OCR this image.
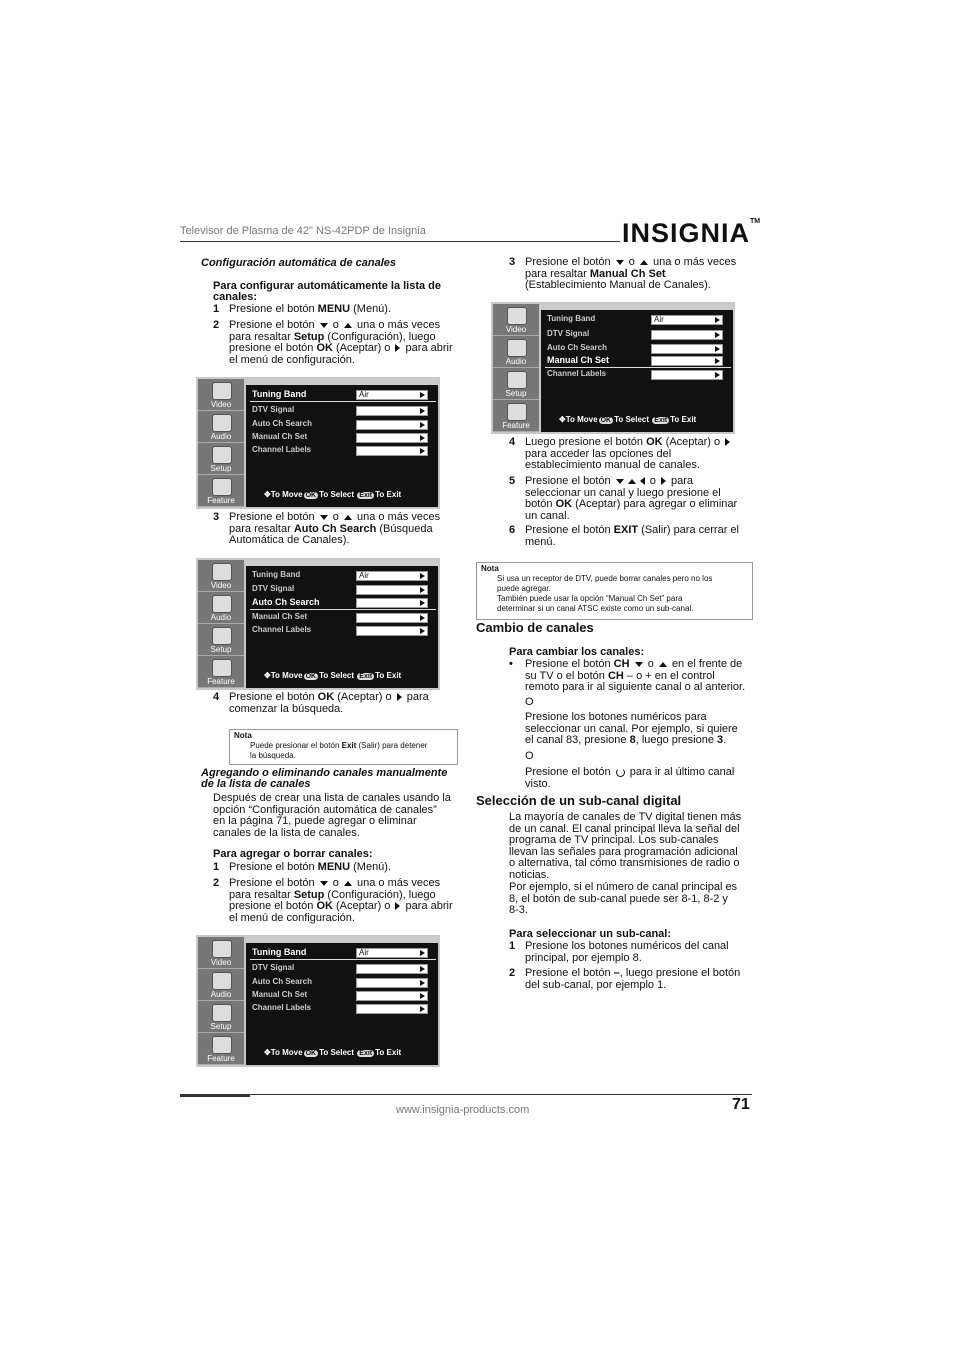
Televisor de Plasma de 42" NS-42PDP de Insignia	INSIGNIA™
Configuración automática de canales
Para configurar automáticamente la lista de canales:
1 Presione el botón MENU (Menú).
2 Presione el botón o una o más veces
para resaltar Setup (Configuración), luego
presione el botón OK (Aceptar) o para abrir
el menú de configuración.
Video
Audio
Setup
Feature
Tuning Band	Air
DTV Signal
Auto Ch Search
Manual Ch Set
Channel Labels
✥To Move OK To Select Exit To Exit
3 Presione el botón o una o más veces
para resaltar Auto Ch Search (Búsqueda
Automática de Canales).
Video
Audio
Setup
Feature
Tuning Band	Air
DTV Signal
Auto Ch Search
Manual Ch Set
Channel Labels
✥To Move OK To Select Exit To Exit
4 Presione el botón OK (Aceptar) o para
comenzar la búsqueda.
Nota
Puede presionar el botón Exit (Salir) para detener
la búsqueda.
Agregando o eliminando canales manualmente
de la lista de canales
Después de crear una lista de canales usando la
opción “Configuración automática de canales”
en la página 71, puede agregar o eliminar
canales de la lista de canales.
Para agregar o borrar canales:
1 Presione el botón MENU (Menú).
2 Presione el botón o una o más veces
para resaltar Setup (Configuración), luego
presione el botón OK (Aceptar) o para abrir
el menú de configuración.
Video
Audio
Setup
Feature
Tuning Band	Air
DTV Signal
Auto Ch Search
Manual Ch Set
Channel Labels
✥To Move OK To Select Exit To Exit
3 Presione el botón o una o más veces
para resaltar Manual Ch Set
(Establecimiento Manual de Canales).
Video
Audio
Setup
Feature
Tuning Band	Air
DTV Signal
Auto Ch Search
Manual Ch Set
Channel Labels
✥To Move OK To Select Exit To Exit
4 Luego presione el botón OK (Aceptar) o
para acceder las opciones del
establecimiento manual de canales.
5 Presione el botón	o para
seleccionar un canal y luego presione el
botón OK (Aceptar) para agregar o eliminar
un canal.
6 Presione el botón EXIT (Salir) para cerrar el
menú.
Nota
Si usa un receptor de DTV, puede borrar canales pero no los
puede agregar.
También puede usar la opción “Manual Ch Set” para
determinar si un canal ATSC existe como un sub-canal.
Cambio de canales
Para cambiar los canales:
• Presione el botón CH o en el frente de
su TV o el botón CH – o + en el control
remoto para ir al siguiente canal o al anterior.
O
Presione los botones numéricos para
seleccionar un canal. Por ejemplo, si quiere
el canal 83, presione 8, luego presione 3.
O
Presione el botón para ir al último canal
visto.
Selección de un sub-canal digital
La mayoría de canales de TV digital tienen más
de un canal. El canal principal lleva la señal del
programa de TV principal. Los sub-canales
llevan las señales para programación adicional
o alternativa, tal cómo transmisiones de radio o
noticias.
Por ejemplo, si el número de canal principal es
8, el botón de sub-canal puede ser 8-1, 8-2 y
8-3.
Para seleccionar un sub-canal:
1 Presione los botones numéricos del canal
principal, por ejemplo 8.
2 Presione el botón –, luego presione el botón
del sub-canal, por ejemplo 1.
www.insignia-products.com	71
